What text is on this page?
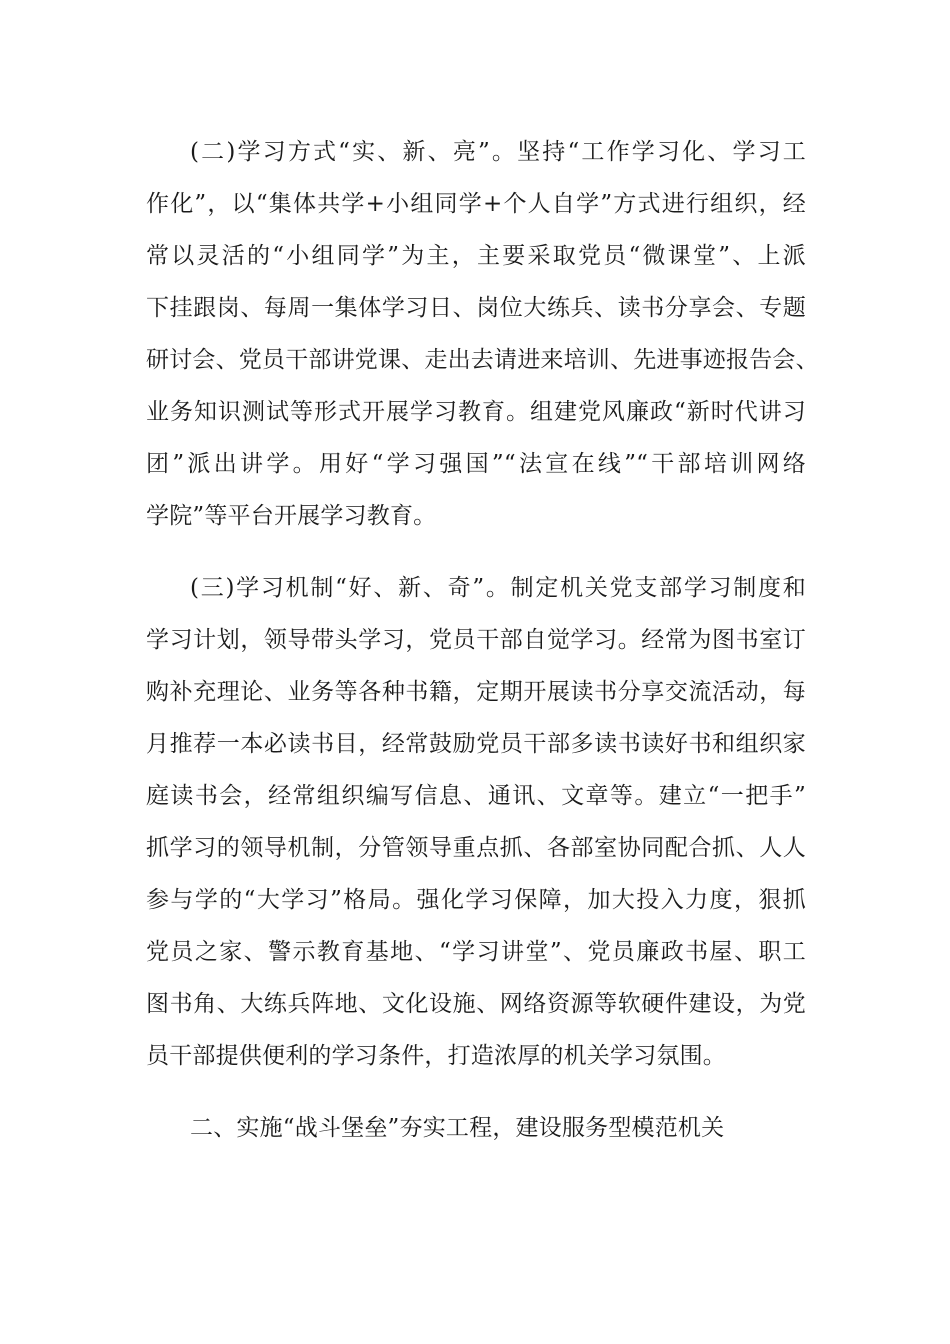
(二)学习方式“实、新、亮”。坚持“工作学习化、学习工
作化”，以“集体共学+小组同学+个人自学”方式进行组织，经
常以灵活的“小组同学”为主，主要采取党员“微课堂”、上派
下挂跟岗、每周一集体学习日、岗位大练兵、读书分享会、专题
研讨会、党员干部讲党课、走出去请进来培训、先进事迹报告会、
业务知识测试等形式开展学习教育。组建党风廉政“新时代讲习
团”派出讲学。用好“学习强国”“法宣在线”“干部培训网络
学院”等平台开展学习教育。
(三)学习机制“好、新、奇”。制定机关党支部学习制度和
学习计划，领导带头学习，党员干部自觉学习。经常为图书室订
购补充理论、业务等各种书籍，定期开展读书分享交流活动，每
月推荐一本必读书目，经常鼓励党员干部多读书读好书和组织家
庭读书会，经常组织编写信息、通讯、文章等。建立“一把手”
抓学习的领导机制，分管领导重点抓、各部室协同配合抓、人人
参与学的“大学习”格局。强化学习保障，加大投入力度，狠抓
党员之家、警示教育基地、“学习讲堂”、党员廉政书屋、职工
图书角、大练兵阵地、文化设施、网络资源等软硬件建设，为党
员干部提供便利的学习条件，打造浓厚的机关学习氛围。
二、实施“战斗堡垒”夯实工程，建设服务型模范机关
